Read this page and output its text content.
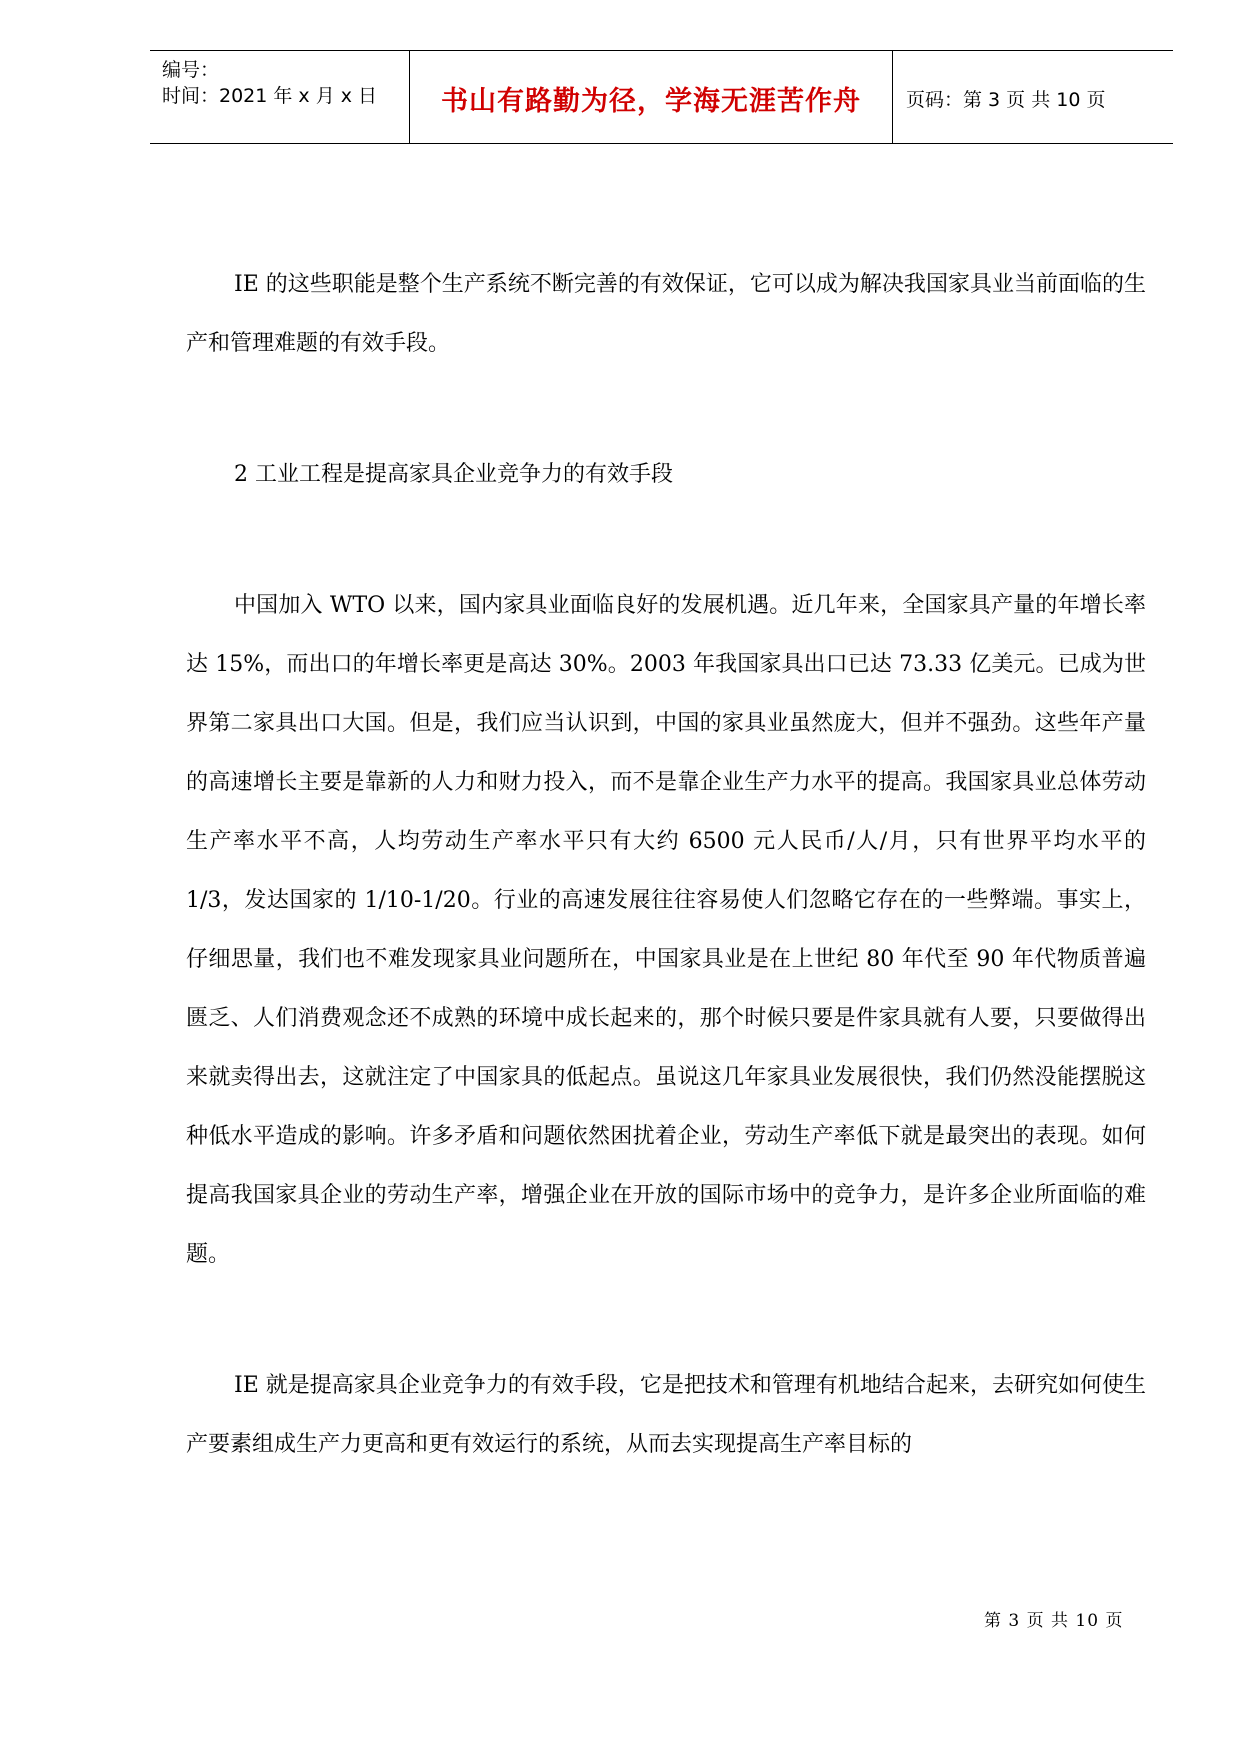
编号：
时间：2021 年 x 月 x 日	书山有路勤为径，学海无涯苦作舟	页码：第 3 页 共 10 页

IE 的这些职能是整个生产系统不断完善的有效保证，它可以成为解决我国家具业当前面临的生产和管理难题的有效手段。

2 工业工程是提高家具企业竞争力的有效手段

中国加入 WTO 以来，国内家具业面临良好的发展机遇。近几年来，全国家具产量的年增长率达 15%，而出口的年增长率更是高达 30%。2003 年我国家具出口已达 73.33 亿美元。已成为世界第二家具出口大国。但是，我们应当认识到，中国的家具业虽然庞大，但并不强劲。这些年产量的高速增长主要是靠新的人力和财力投入，而不是靠企业生产力水平的提高。我国家具业总体劳动生产率水平不高，人均劳动生产率水平只有大约 6500 元人民币/人/月，只有世界平均水平的 1/3，发达国家的 1/10-1/20。行业的高速发展往往容易使人们忽略它存在的一些弊端。事实上，仔细思量，我们也不难发现家具业问题所在，中国家具业是在上世纪 80 年代至 90 年代物质普遍匮乏、人们消费观念还不成熟的环境中成长起来的，那个时候只要是件家具就有人要，只要做得出来就卖得出去，这就注定了中国家具的低起点。虽说这几年家具业发展很快，我们仍然没能摆脱这种低水平造成的影响。许多矛盾和问题依然困扰着企业，劳动生产率低下就是最突出的表现。如何提高我国家具企业的劳动生产率，增强企业在开放的国际市场中的竞争力，是许多企业所面临的难题。

IE 就是提高家具企业竞争力的有效手段，它是把技术和管理有机地结合起来，去研究如何使生产要素组成生产力更高和更有效运行的系统，从而去实现提高生产率目标的

第 3 页 共 10 页
